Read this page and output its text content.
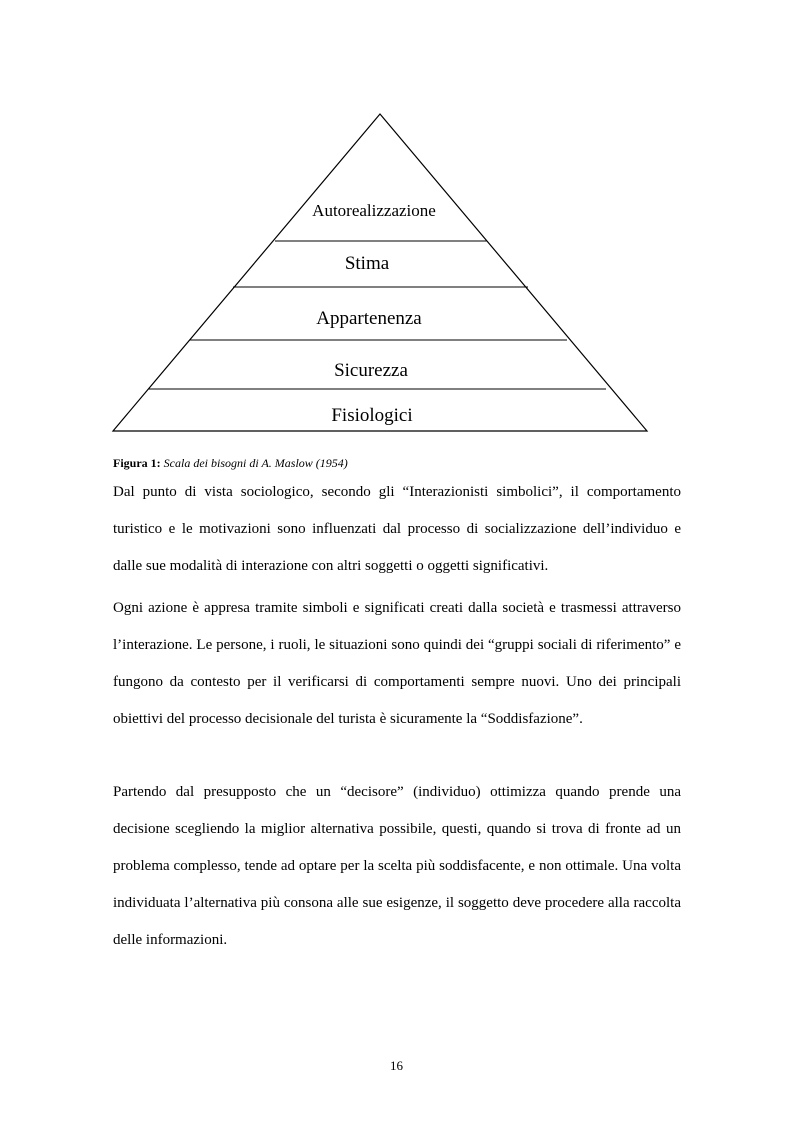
Autorealizzazione
Stima
Appartenenza
Sicurezza
Fisiologici
Figura 1: Scala dei bisogni di A. Maslow (1954)

Dal punto di vista sociologico, secondo gli “Interazionisti simbolici”, il comportamento turistico e le motivazioni sono influenzati dal processo di socializzazione dell’individuo e dalle sue modalità di interazione con altri soggetti o oggetti significativi.

Ogni azione è appresa tramite simboli e significati creati dalla società e trasmessi attraverso l’interazione. Le persone, i ruoli, le situazioni sono quindi dei “gruppi sociali di riferimento” e fungono da contesto per il verificarsi di comportamenti sempre nuovi. Uno dei principali obiettivi del processo decisionale del turista è sicuramente la “Soddisfazione”.

Partendo dal presupposto che un “decisore” (individuo) ottimizza quando prende una decisione scegliendo la miglior alternativa possibile, questi, quando si trova di fronte ad un problema complesso, tende ad optare per la scelta più soddisfacente, e non ottimale. Una volta individuata l’alternativa più consona alle sue esigenze, il soggetto deve procedere alla raccolta delle informazioni.

16
